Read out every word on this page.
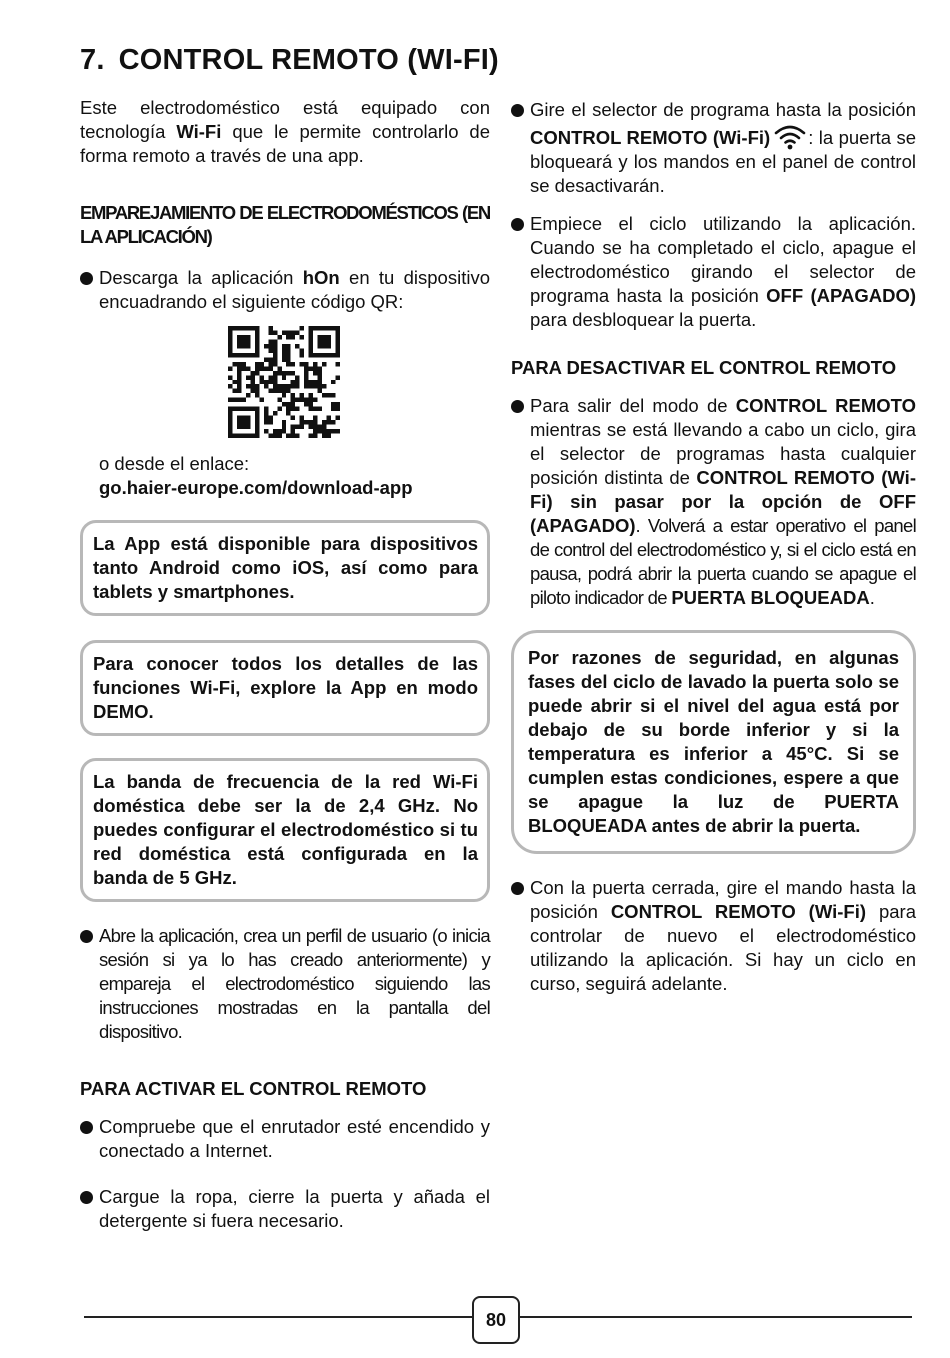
7. CONTROL REMOTO (WI-FI)

Este electrodoméstico está equipado con tecnología Wi-Fi que le permite controlarlo de forma remoto a través de una app.

EMPAREJAMIENTO DE ELECTRODOMÉSTICOS (EN LA APLICACIÓN)

Descarga la aplicación hOn en tu dispositivo encuadrando el siguiente código QR:

o desde el enlace:

go.haier-europe.com/download-app

La App está disponible para dispositivos tanto Android como iOS, así como para tablets y smartphones.

Para conocer todos los detalles de las funciones Wi-Fi, explore la App en modo DEMO.

La banda de frecuencia de la red Wi-Fi doméstica debe ser la de 2,4 GHz. No puedes configurar el electrodoméstico si tu red doméstica está configurada en la banda de 5 GHz.

Abre la aplicación, crea un perfil de usuario (o inicia sesión si ya lo has creado anteriormente) y empareja el electrodoméstico siguiendo las instrucciones mostradas en la pantalla del dispositivo.

PARA ACTIVAR EL CONTROL REMOTO

Compruebe que el enrutador esté encendido y conectado a Internet.

Cargue la ropa, cierre la puerta y añada el detergente si fuera necesario.

Gire el selector de programa hasta la posición CONTROL REMOTO (Wi-Fi) : la puerta se bloqueará y los mandos en el panel de control se desactivarán.

Empiece el ciclo utilizando la aplicación. Cuando se ha completado el ciclo, apague el electrodoméstico girando el selector de programa hasta la posición OFF (APAGADO) para desbloquear la puerta.

PARA DESACTIVAR EL CONTROL REMOTO

Para salir del modo de CONTROL REMOTO mientras se está llevando a cabo un ciclo, gira el selector de programas hasta cualquier posición distinta de CONTROL REMOTO (Wi-Fi) sin pasar por la opción de OFF (APAGADO). Volverá a estar operativo el panel de control del electrodoméstico y, si el ciclo está en pausa, podrá abrir la puerta cuando se apague el piloto indicador de PUERTA BLOQUEADA.

Por razones de seguridad, en algunas fases del ciclo de lavado la puerta solo se puede abrir si el nivel del agua está por debajo de su borde inferior y si la temperatura es inferior a 45°C. Si se cumplen estas condiciones, espere a que se apague la luz de PUERTA BLOQUEADA antes de abrir la puerta.

Con la puerta cerrada, gire el mando hasta la posición CONTROL REMOTO (Wi-Fi) para controlar de nuevo el electrodoméstico utilizando la aplicación. Si hay un ciclo en curso, seguirá adelante.

80
